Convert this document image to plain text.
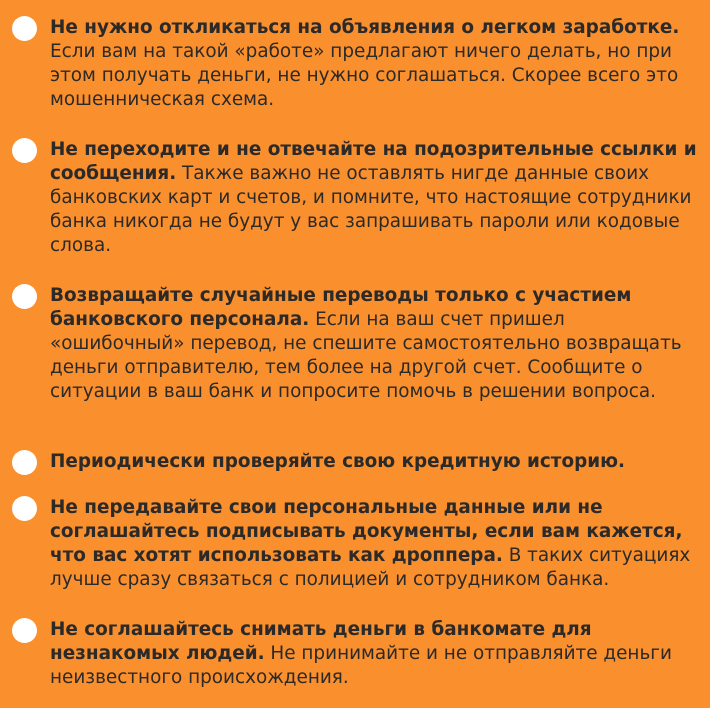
Не нужно откликаться на объявления о легком заработке. Если вам на такой «работе» предлагают ничего делать, но при этом получать деньги, не нужно соглашаться. Скорее всего это мошенническая схема.

Не переходите и не отвечайте на подозрительные ссылки и сообщения. Также важно не оставлять нигде данные своих банковских карт и счетов, и помните, что настоящие сотрудники банка никогда не будут у вас запрашивать пароли или кодовые слова.

Возвращайте случайные переводы только с участием банковского персонала. Если на ваш счет пришел «ошибочный» перевод, не спешите самостоятельно возвращать деньги отправителю, тем более на другой счет. Сообщите о ситуации в ваш банк и попросите помочь в решении вопроса.

Периодически проверяйте свою кредитную историю.

Не передавайте свои персональные данные или не соглашайтесь подписывать документы, если вам кажется, что вас хотят использовать как дроппера. В таких ситуациях лучше сразу связаться с полицией и сотрудником банка.

Не соглашайтесь снимать деньги в банкомате для незнакомых людей. Не принимайте и не отправляйте деньги неизвестного происхождения.
